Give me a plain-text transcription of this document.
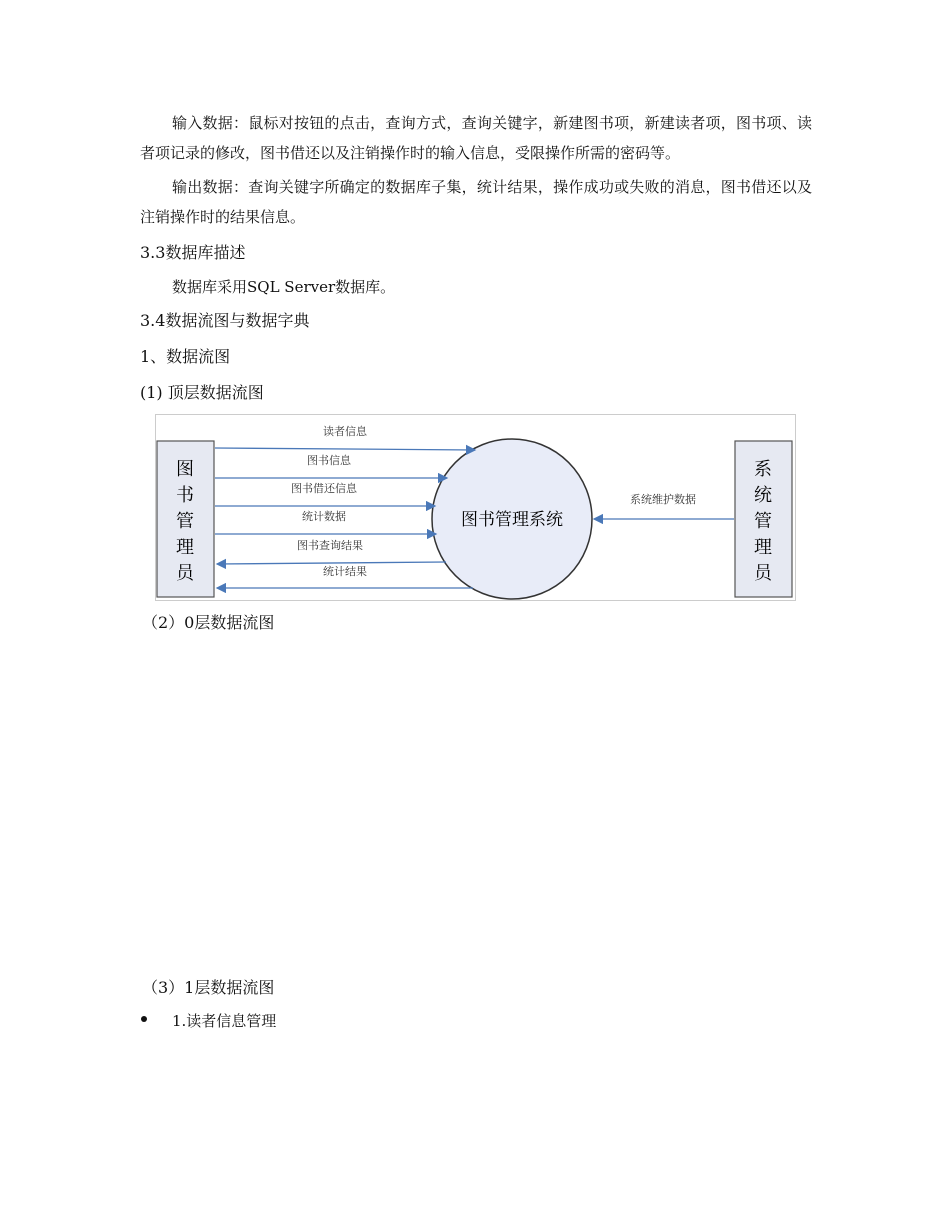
输入数据：鼠标对按钮的点击，查询方式，查询关键字，新建图书项，新建读者项，图书项、读者项记录的修改，图书借还以及注销操作时的输入信息，受限操作所需的密码等。
输出数据：查询关键字所确定的数据库子集，统计结果，操作成功或失败的消息，图书借还以及注销操作时的结果信息。
3.3数据库描述
数据库采用SQL Server数据库。
3.4数据流图与数据字典
1、数据流图
(1) 顶层数据流图
图
书
管
理
员
系
统
管
理
员
图书管理系统
读者信息
图书信息
图书借还信息
统计数据
图书查询结果
统计结果
系统维护数据
（2）0层数据流图
（3）1层数据流图
1.读者信息管理
